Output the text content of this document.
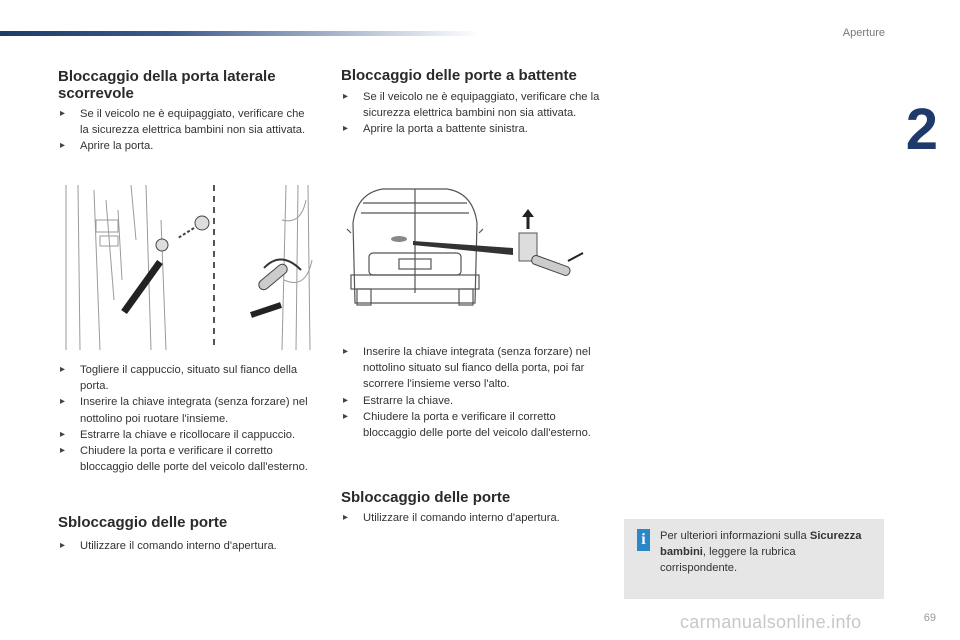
Aperture
2
Bloccaggio della porta laterale scorrevole
▸ Se il veicolo ne è equipaggiato, verificare che la sicurezza elettrica bambini non sia attivata.
▸ Aprire la porta.
▸ Togliere il cappuccio, situato sul fianco della porta.
▸ Inserire la chiave integrata (senza forzare) nel nottolino poi ruotare l'insieme.
▸ Estrarre la chiave e ricollocare il cappuccio.
▸ Chiudere la porta e verificare il corretto bloccaggio delle porte del veicolo dall'esterno.
Sbloccaggio delle porte
▸ Utilizzare il comando interno d'apertura.
Bloccaggio delle porte a battente
▸ Se il veicolo ne è equipaggiato, verificare che la sicurezza elettrica bambini non sia attivata.
▸ Aprire la porta a battente sinistra.
▸ Inserire la chiave integrata (senza forzare) nel nottolino situato sul fianco della porta, poi far scorrere l'insieme verso l'alto.
▸ Estrarre la chiave.
▸ Chiudere la porta e verificare il corretto bloccaggio delle porte del veicolo dall'esterno.
Sbloccaggio delle porte
▸ Utilizzare il comando interno d'apertura.
i	Per ulteriori informazioni sulla Sicurezza bambini, leggere la rubrica corrispondente.
carmanualsonline.info	69
